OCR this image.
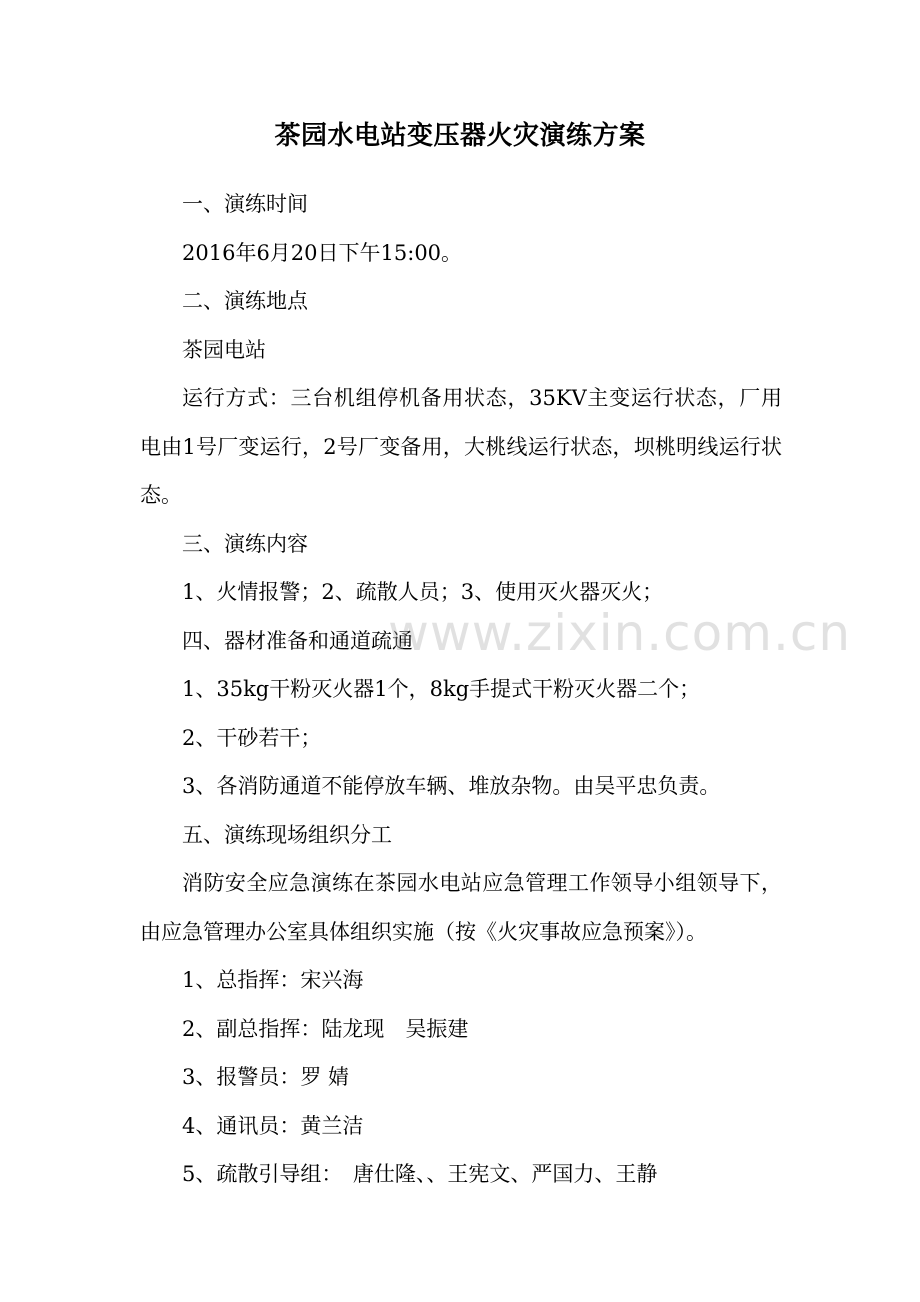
茶园水电站变压器火灾演练方案

一、演练时间

2016年6月20日下午15:00。

二、演练地点

茶园电站

运行方式：三台机组停机备用状态，35KV主变运行状态，厂用电由1号厂变运行，2号厂变备用，大桃线运行状态，坝桃明线运行状态。

三、演练内容

1、火情报警；2、疏散人员；3、使用灭火器灭火；

四、器材准备和通道疏通

1、35kg干粉灭火器1个，8kg手提式干粉灭火器二个；

2、干砂若干；

3、各消防通道不能停放车辆、堆放杂物。由吴平忠负责。

五、演练现场组织分工

消防安全应急演练在茶园水电站应急管理工作领导小组领导下，由应急管理办公室具体组织实施（按《火灾事故应急预案》）。

1、总指挥：宋兴海

2、副总指挥：陆龙现　吴振建

3、报警员：罗 婧

4、通讯员：黄兰洁

5、疏散引导组：　唐仕隆、、王宪文、严国力、王静

www.zixin.com.cn
